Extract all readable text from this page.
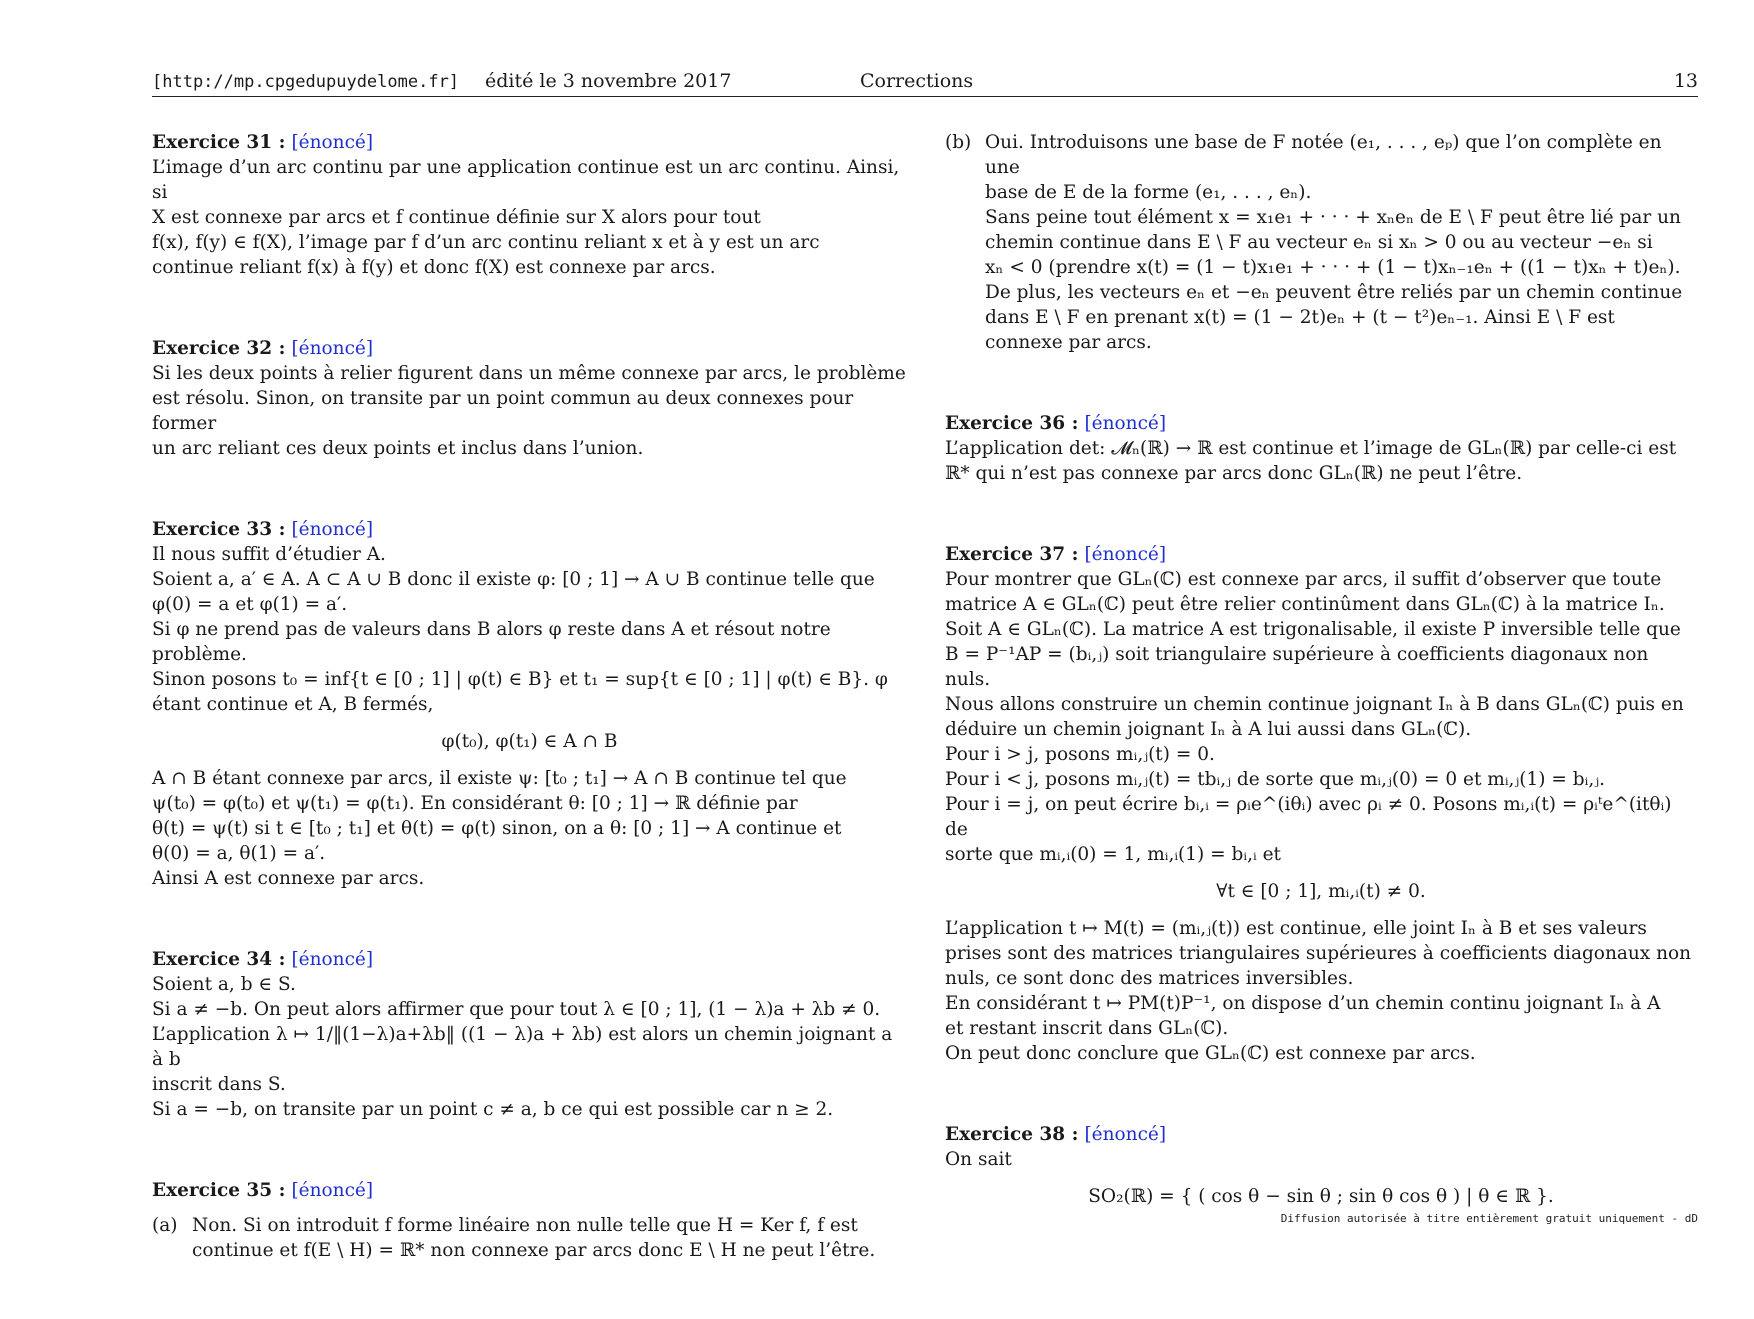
[http://mp.cpgedupuydelome.fr] édité le 3 novembre 2017	Corrections	13
Exercice 31 : [énoncé]

L’image d’un arc continu par une application continue est un arc continu. Ainsi, si

X est connexe par arcs et f continue définie sur X alors pour tout

f(x), f(y) ∈ f(X), l’image par f d’un arc continu reliant x et à y est un arc

continue reliant f(x) à f(y) et donc f(X) est connexe par arcs.

Exercice 32 : [énoncé]

Si les deux points à relier figurent dans un même connexe par arcs, le problème

est résolu. Sinon, on transite par un point commun au deux connexes pour former

un arc reliant ces deux points et inclus dans l’union.

Exercice 33 : [énoncé]

Il nous suffit d’étudier A.

Soient a, a′ ∈ A. A ⊂ A ∪ B donc il existe φ: [0 ; 1] → A ∪ B continue telle que

φ(0) = a et φ(1) = a′.

Si φ ne prend pas de valeurs dans B alors φ reste dans A et résout notre problème.

Sinon posons t₀ = inf{t ∈ [0 ; 1] | φ(t) ∈ B} et t₁ = sup{t ∈ [0 ; 1] | φ(t) ∈ B}. φ

étant continue et A, B fermés,

φ(t₀), φ(t₁) ∈ A ∩ B

A ∩ B étant connexe par arcs, il existe ψ: [t₀ ; t₁] → A ∩ B continue tel que

ψ(t₀) = φ(t₀) et ψ(t₁) = φ(t₁). En considérant θ: [0 ; 1] → ℝ définie par

θ(t) = ψ(t) si t ∈ [t₀ ; t₁] et θ(t) = φ(t) sinon, on a θ: [0 ; 1] → A continue et

θ(0) = a, θ(1) = a′.

Ainsi A est connexe par arcs.

Exercice 34 : [énoncé]

Soient a, b ∈ S.

Si a ≠ −b. On peut alors affirmer que pour tout λ ∈ [0 ; 1], (1 − λ)a + λb ≠ 0.

L’application λ ↦ 1/‖(1−λ)a+λb‖ ((1 − λ)a + λb) est alors un chemin joignant a à b

inscrit dans S.

Si a = −b, on transite par un point c ≠ a, b ce qui est possible car n ≥ 2.

Exercice 35 : [énoncé]
(a) Non. Si on introduit f forme linéaire non nulle telle que H = Ker f, f est

continue et f(E \ H) = ℝ* non connexe par arcs donc E \ H ne peut l’être.

(b) Oui. Introduisons une base de F notée (e₁, . . . , eₚ) que l’on complète en une

base de E de la forme (e₁, . . . , eₙ).

Sans peine tout élément x = x₁e₁ + · · · + xₙeₙ de E \ F peut être lié par un

chemin continue dans E \ F au vecteur eₙ si xₙ > 0 ou au vecteur −eₙ si

xₙ < 0 (prendre x(t) = (1 − t)x₁e₁ + · · · + (1 − t)xₙ₋₁eₙ + ((1 − t)xₙ + t)eₙ).

De plus, les vecteurs eₙ et −eₙ peuvent être reliés par un chemin continue

dans E \ F en prenant x(t) = (1 − 2t)eₙ + (t − t²)eₙ₋₁. Ainsi E \ F est

connexe par arcs.

Exercice 36 : [énoncé]

L’application det: 𝓜ₙ(ℝ) → ℝ est continue et l’image de GLₙ(ℝ) par celle-ci est

ℝ* qui n’est pas connexe par arcs donc GLₙ(ℝ) ne peut l’être.

Exercice 37 : [énoncé]

Pour montrer que GLₙ(ℂ) est connexe par arcs, il suffit d’observer que toute

matrice A ∈ GLₙ(ℂ) peut être relier continûment dans GLₙ(ℂ) à la matrice Iₙ.

Soit A ∈ GLₙ(ℂ). La matrice A est trigonalisable, il existe P inversible telle que

B = P⁻¹AP = (bᵢ,ⱼ) soit triangulaire supérieure à coefficients diagonaux non nuls.

Nous allons construire un chemin continue joignant Iₙ à B dans GLₙ(ℂ) puis en

déduire un chemin joignant Iₙ à A lui aussi dans GLₙ(ℂ).

Pour i > j, posons mᵢ,ⱼ(t) = 0.

Pour i < j, posons mᵢ,ⱼ(t) = tbᵢ,ⱼ de sorte que mᵢ,ⱼ(0) = 0 et mᵢ,ⱼ(1) = bᵢ,ⱼ.

Pour i = j, on peut écrire bᵢ,ᵢ = ρᵢe^(iθᵢ) avec ρᵢ ≠ 0. Posons mᵢ,ᵢ(t) = ρᵢᵗe^(itθᵢ) de

sorte que mᵢ,ᵢ(0) = 1, mᵢ,ᵢ(1) = bᵢ,ᵢ et

∀t ∈ [0 ; 1], mᵢ,ᵢ(t) ≠ 0.

L’application t ↦ M(t) = (mᵢ,ⱼ(t)) est continue, elle joint Iₙ à B et ses valeurs

prises sont des matrices triangulaires supérieures à coefficients diagonaux non

nuls, ce sont donc des matrices inversibles.

En considérant t ↦ PM(t)P⁻¹, on dispose d’un chemin continu joignant Iₙ à A

et restant inscrit dans GLₙ(ℂ).

On peut donc conclure que GLₙ(ℂ) est connexe par arcs.

Exercice 38 : [énoncé]

On sait

SO₂(ℝ) = { ( cos θ − sin θ ; sin θ cos θ ) | θ ∈ ℝ }.

Diffusion autorisée à titre entièrement gratuit uniquement - dD
